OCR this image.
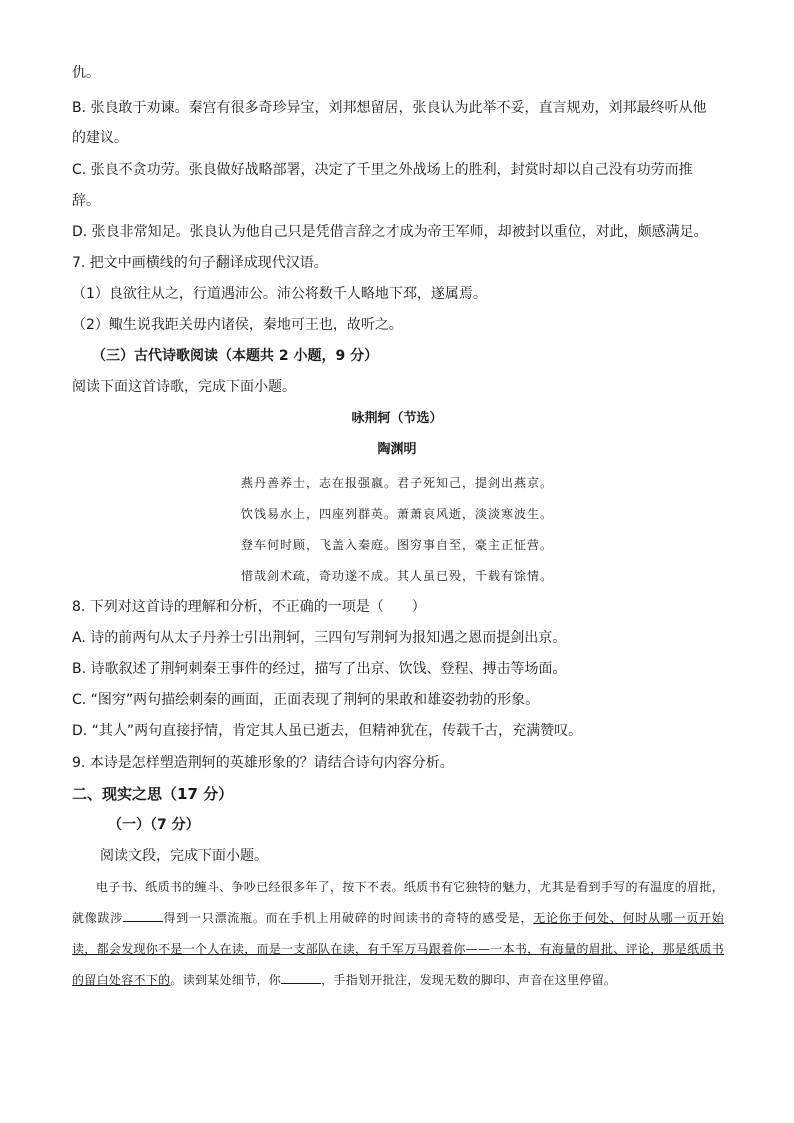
仇。
B. 张良敢于劝谏。秦宫有很多奇珍异宝，刘邦想留居，张良认为此举不妥，直言规劝，刘邦最终听从他
的建议。
C. 张良不贪功劳。张良做好战略部署，决定了千里之外战场上的胜利，封赏时却以自己没有功劳而推
辞。
D. 张良非常知足。张良认为他自己只是凭借言辞之才成为帝王军师，却被封以重位，对此，颇感满足。
7. 把文中画横线的句子翻译成现代汉语。
（1）良欲往从之，行道遇沛公。沛公将数千人略地下邳，遂属焉。
（2）鲰生说我距关毋内诸侯，秦地可王也，故听之。
（三）古代诗歌阅读（本题共 2 小题，9 分）
阅读下面这首诗歌，完成下面小题。
咏荆轲（节选）
陶渊明
燕丹善养士，志在报强嬴。君子死知己，提剑出燕京。
饮饯易水上，四座列群英。萧萧哀风逝，淡淡寒波生。
登车何时顾，飞盖入秦庭。图穷事自至，豪主正怔营。
惜哉剑术疏，奇功遂不成。其人虽已殁，千载有馀情。
8. 下列对这首诗的理解和分析，不正确的一项是（　　）
A. 诗的前两句从太子丹养士引出荆轲，三四句写荆轲为报知遇之恩而提剑出京。
B. 诗歌叙述了荆轲刺秦王事件的经过，描写了出京、饮饯、登程、搏击等场面。
C. “图穷”两句描绘刺秦的画面，正面表现了荆轲的果敢和雄姿勃勃的形象。
D. “其人”两句直接抒情，肯定其人虽已逝去，但精神犹在，传载千古，充满赞叹。
9. 本诗是怎样塑造荆轲的英雄形象的？请结合诗句内容分析。
二、现实之思（17 分）
（一）（7 分）
阅读文段，完成下面小题。
电子书、纸质书的缠斗、争吵已经很多年了，按下不表。纸质书有它独特的魅力，尤其是看到手写的有温度的眉批，就像跋涉	得到一只漂流瓶。而在手机上用破碎的时间读书的奇特的感受是，无论你于何处、何时从哪一页开始读，都会发现你不是一个人在读，而是一支部队在读，有千军万马跟着你——一本书，有海量的眉批、评论，那是纸质书的留白处容不下的。读到某处细节，你	，手指划开批注，发现无数的脚印、声音在这里停留。
